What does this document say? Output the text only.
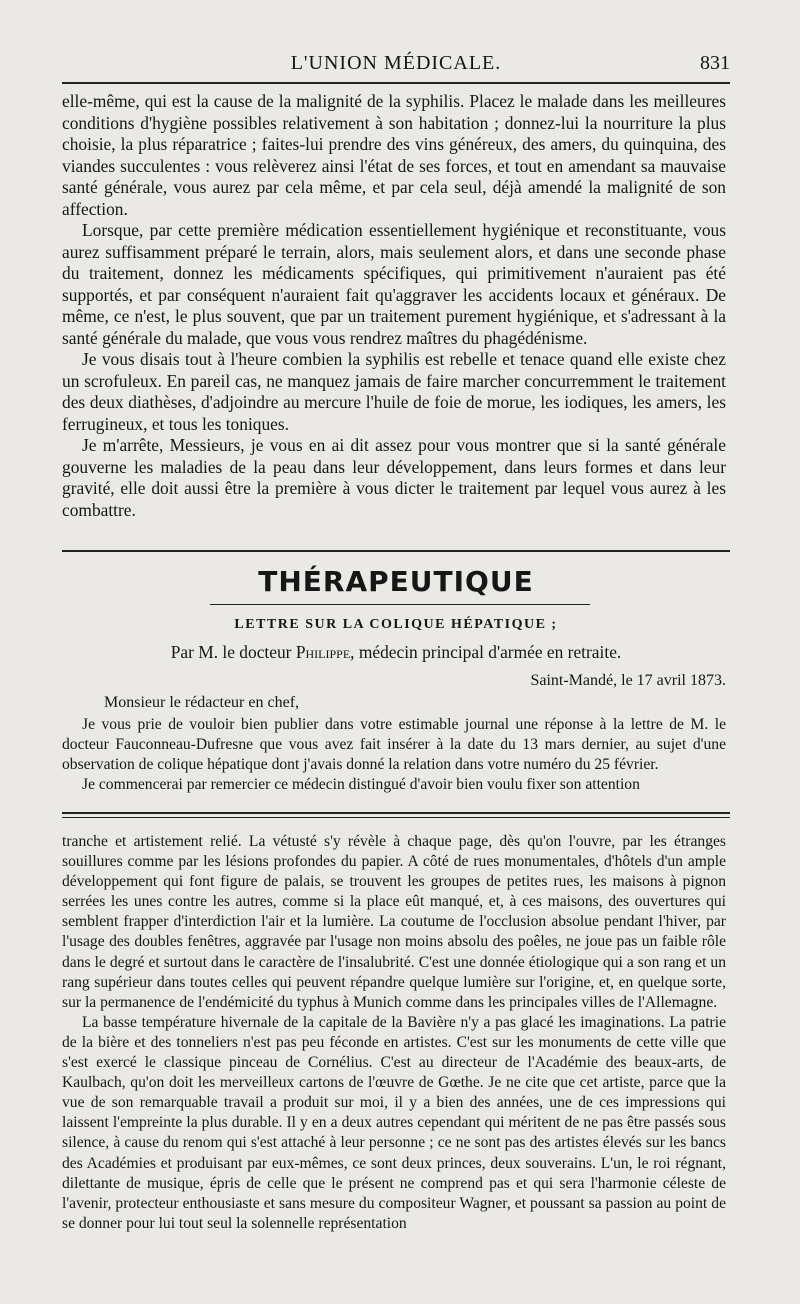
L'UNION MÉDICALE.	831

elle-même, qui est la cause de la malignité de la syphilis. Placez le malade dans les meilleures conditions d'hygiène possibles relativement à son habitation ; donnez-lui la nourriture la plus choisie, la plus réparatrice ; faites-lui prendre des vins généreux, des amers, du quinquina, des viandes succulentes : vous relèverez ainsi l'état de ses forces, et tout en amendant sa mauvaise santé générale, vous aurez par cela même, et par cela seul, déjà amendé la malignité de son affection.

Lorsque, par cette première médication essentiellement hygiénique et reconstituante, vous aurez suffisamment préparé le terrain, alors, mais seulement alors, et dans une seconde phase du traitement, donnez les médicaments spécifiques, qui primitivement n'auraient pas été supportés, et par conséquent n'auraient fait qu'aggraver les accidents locaux et généraux. De même, ce n'est, le plus souvent, que par un traitement purement hygiénique, et s'adressant à la santé générale du malade, que vous vous rendrez maîtres du phagédénisme.

Je vous disais tout à l'heure combien la syphilis est rebelle et tenace quand elle existe chez un scrofuleux. En pareil cas, ne manquez jamais de faire marcher concurremment le traitement des deux diathèses, d'adjoindre au mercure l'huile de foie de morue, les iodiques, les amers, les ferrugineux, et tous les toniques.

Je m'arrête, Messieurs, je vous en ai dit assez pour vous montrer que si la santé générale gouverne les maladies de la peau dans leur développement, dans leurs formes et dans leur gravité, elle doit aussi être la première à vous dicter le traitement par lequel vous aurez à les combattre.

THÉRAPEUTIQUE
LETTRE SUR LA COLIQUE HÉPATIQUE ;
Par M. le docteur Philippe, médecin principal d'armée en retraite.
Saint-Mandé, le 17 avril 1873.
Monsieur le rédacteur en chef,

Je vous prie de vouloir bien publier dans votre estimable journal une réponse à la lettre de M. le docteur Fauconneau-Dufresne que vous avez fait insérer à la date du 13 mars dernier, au sujet d'une observation de colique hépatique dont j'avais donné la relation dans votre numéro du 25 février.

Je commencerai par remercier ce médecin distingué d'avoir bien voulu fixer son attention

tranche et artistement relié. La vétusté s'y révèle à chaque page, dès qu'on l'ouvre, par les étranges souillures comme par les lésions profondes du papier. A côté de rues monumentales, d'hôtels d'un ample développement qui font figure de palais, se trouvent les groupes de petites rues, les maisons à pignon serrées les unes contre les autres, comme si la place eût manqué, et, à ces maisons, des ouvertures qui semblent frapper d'interdiction l'air et la lumière. La coutume de l'occlusion absolue pendant l'hiver, par l'usage des doubles fenêtres, aggravée par l'usage non moins absolu des poêles, ne joue pas un faible rôle dans le degré et surtout dans le caractère de l'insalubrité. C'est une donnée étiologique qui a son rang et un rang supérieur dans toutes celles qui peuvent répandre quelque lumière sur l'origine, et, en quelque sorte, sur la permanence de l'endémicité du typhus à Munich comme dans les principales villes de l'Allemagne.

La basse température hivernale de la capitale de la Bavière n'y a pas glacé les imaginations. La patrie de la bière et des tonneliers n'est pas peu féconde en artistes. C'est sur les monuments de cette ville que s'est exercé le classique pinceau de Cornélius. C'est au directeur de l'Académie des beaux-arts, de Kaulbach, qu'on doit les merveilleux cartons de l'œuvre de Gœthe. Je ne cite que cet artiste, parce que la vue de son remarquable travail a produit sur moi, il y a bien des années, une de ces impressions qui laissent l'empreinte la plus durable. Il y en a deux autres cependant qui méritent de ne pas être passés sous silence, à cause du renom qui s'est attaché à leur personne ; ce ne sont pas des artistes élevés sur les bancs des Académies et produisant par eux-mêmes, ce sont deux princes, deux souverains. L'un, le roi régnant, dilettante de musique, épris de celle que le présent ne comprend pas et qui sera l'harmonie céleste de l'avenir, protecteur enthousiaste et sans mesure du compositeur Wagner, et poussant sa passion au point de se donner pour lui tout seul la solennelle représentation
